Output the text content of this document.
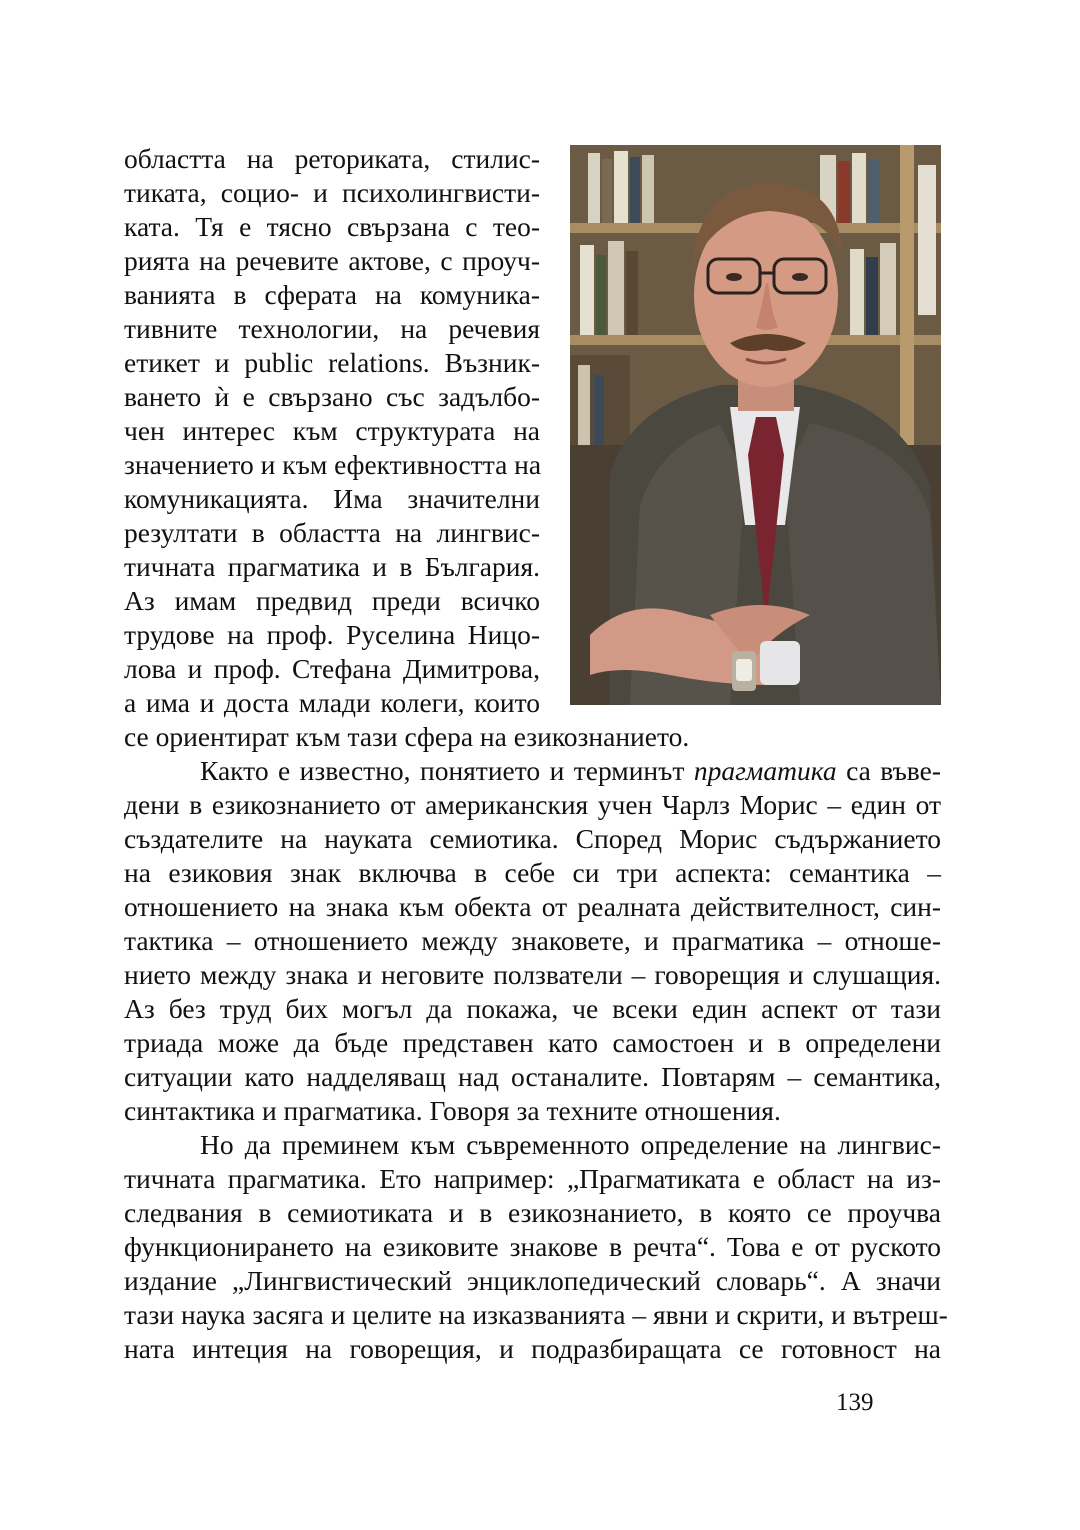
областта на реториката, стилис-
тиката, социо- и психолингвисти-
ката. Тя е тясно свързана с тео-
рията на речевите актове, с проуч-
ванията в сферата на комуника-
тивните технологии, на речевия
етикет и public relations. Възник-
ването ѝ е свързано със задълбо-
чен интерес към структурата на
значението и към ефективността на
комуникацията. Има значителни
резултати в областта на лингвис-
тичната прагматика и в България.
Аз имам предвид преди всичко
трудове на проф. Руселина Ницо-
лова и проф. Стефана Димитрова,
а има и доста млади колеги, които
се ориентират към тази сфера на езикознанието.
Както е известно, понятието и терминът прагматика са въве-
дени в езикознанието от американския учен Чарлз Морис – един от
създателите на науката семиотика. Според Морис съдържанието
на езиковия знак включва в себе си три аспекта: семантика –
отношението на знака към обекта от реалната действителност, син-
тактика – отношението между знаковете, и прагматика – отноше-
нието между знака и неговите ползватели – говорещия и слушащия.
Аз без труд бих могъл да покажа, че всеки един аспект от тази
триада може да бъде представен като самостоен и в определени
ситуации като надделяващ над останалите. Повтарям – семантика,
синтактика и прагматика. Говоря за техните отношения.
Но да преминем към съвременното определение на лингвис-
тичната прагматика. Ето например: „Прагматиката е област на из-
следвания в семиотиката и в езикознанието, в която се проучва
функционирането на езиковите знакове в речта“. Това е от руското
издание „Лингвистический энциклопедический словарь“. А значи
тази наука засяга и целите на изказванията – явни и скрити, и вътреш-
ната интеция на говорещия, и подразбиращата се готовност на
139
